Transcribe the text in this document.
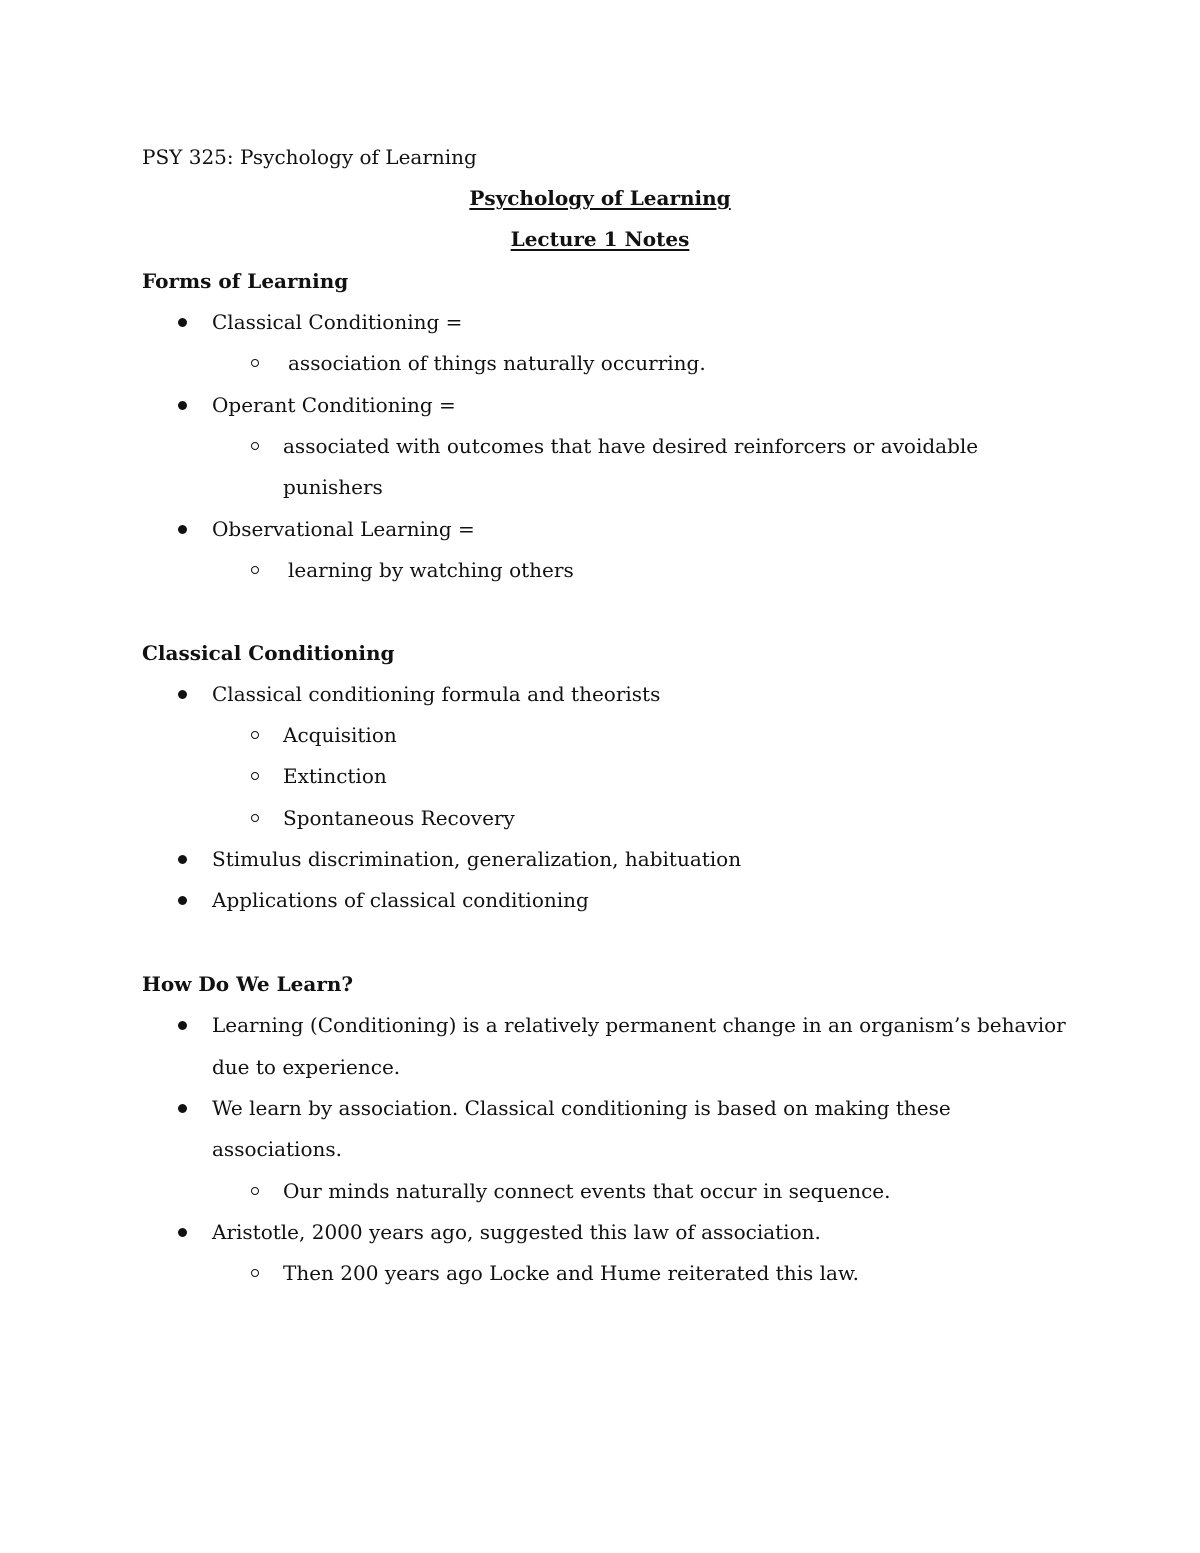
PSY 325: Psychology of Learning
Psychology of Learning
Lecture 1 Notes
Forms of Learning
Classical Conditioning =
association of things naturally occurring.
Operant Conditioning =
associated with outcomes that have desired reinforcers or avoidable
punishers
Observational Learning =
learning by watching others
Classical Conditioning
Classical conditioning formula and theorists
Acquisition
Extinction
Spontaneous Recovery
Stimulus discrimination, generalization, habituation
Applications of classical conditioning
How Do We Learn?
Learning (Conditioning) is a relatively permanent change in an organism’s behavior
due to experience.
We learn by association. Classical conditioning is based on making these
associations.
Our minds naturally connect events that occur in sequence.
Aristotle, 2000 years ago, suggested this law of association.
Then 200 years ago Locke and Hume reiterated this law.
